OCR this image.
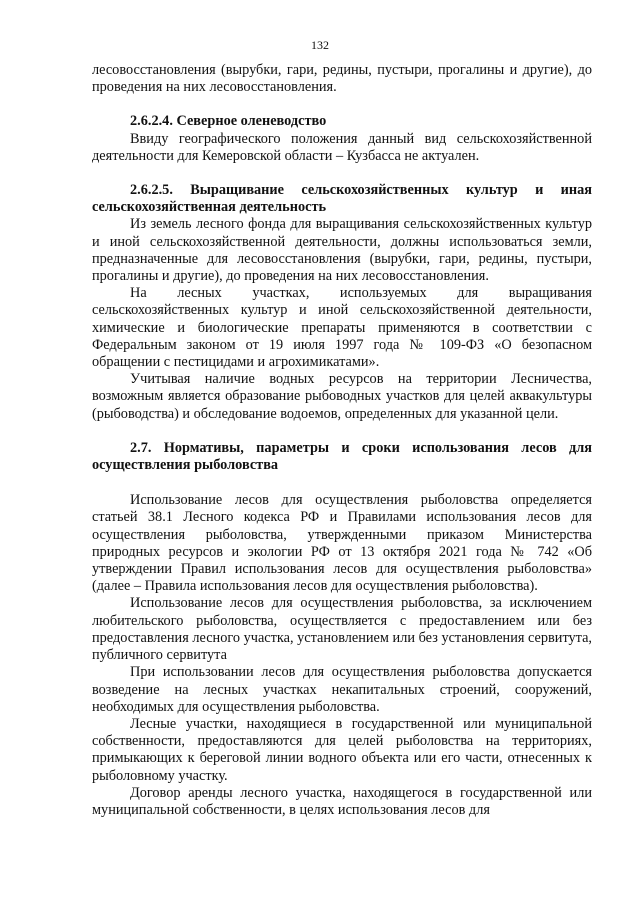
132

лесовосстановления (вырубки, гари, редины, пустыри, прогалины и другие), до проведения на них лесовосстановления.

2.6.2.4. Северное оленеводство

Ввиду географического положения данный вид сельскохозяйственной деятельности для Кемеровской области – Кузбасса не актуален.

2.6.2.5. Выращивание сельскохозяйственных культур и иная сельскохозяйственная деятельность

Из земель лесного фонда для выращивания сельскохозяйственных культур и иной сельскохозяйственной деятельности, должны использоваться земли, предназначенные для лесовосстановления (вырубки, гари, редины, пустыри, прогалины и другие), до проведения на них лесовосстановления.

На лесных участках, используемых для выращивания сельскохозяйственных культур и иной сельскохозяйственной деятельности, химические и биологические препараты применяются в соответствии с Федеральным законом от 19 июля 1997 года № 109-ФЗ «О безопасном обращении с пестицидами и агрохимикатами».

Учитывая наличие водных ресурсов на территории Лесничества, возможным является образование рыбоводных участков для целей аквакультуры (рыбоводства) и обследование водоемов, определенных для указанной цели.

2.7. Нормативы, параметры и сроки использования лесов для осуществления рыболовства

Использование лесов для осуществления рыболовства определяется статьей 38.1 Лесного кодекса РФ и Правилами использования лесов для осуществления рыболовства, утвержденными приказом Министерства природных ресурсов и экологии РФ от 13 октября 2021 года № 742 «Об утверждении Правил использования лесов для осуществления рыболовства» (далее – Правила использования лесов для осуществления рыболовства).

Использование лесов для осуществления рыболовства, за исключением любительского рыболовства, осуществляется с предоставлением или без предоставления лесного участка, установлением или без установления сервитута, публичного сервитута

При использовании лесов для осуществления рыболовства допускается возведение на лесных участках некапитальных строений, сооружений, необходимых для осуществления рыболовства.

Лесные участки, находящиеся в государственной или муниципальной собственности, предоставляются для целей рыболовства на территориях, примыкающих к береговой линии водного объекта или его части, отнесенных к рыболовному участку.

Договор аренды лесного участка, находящегося в государственной или муниципальной собственности, в целях использования лесов для
